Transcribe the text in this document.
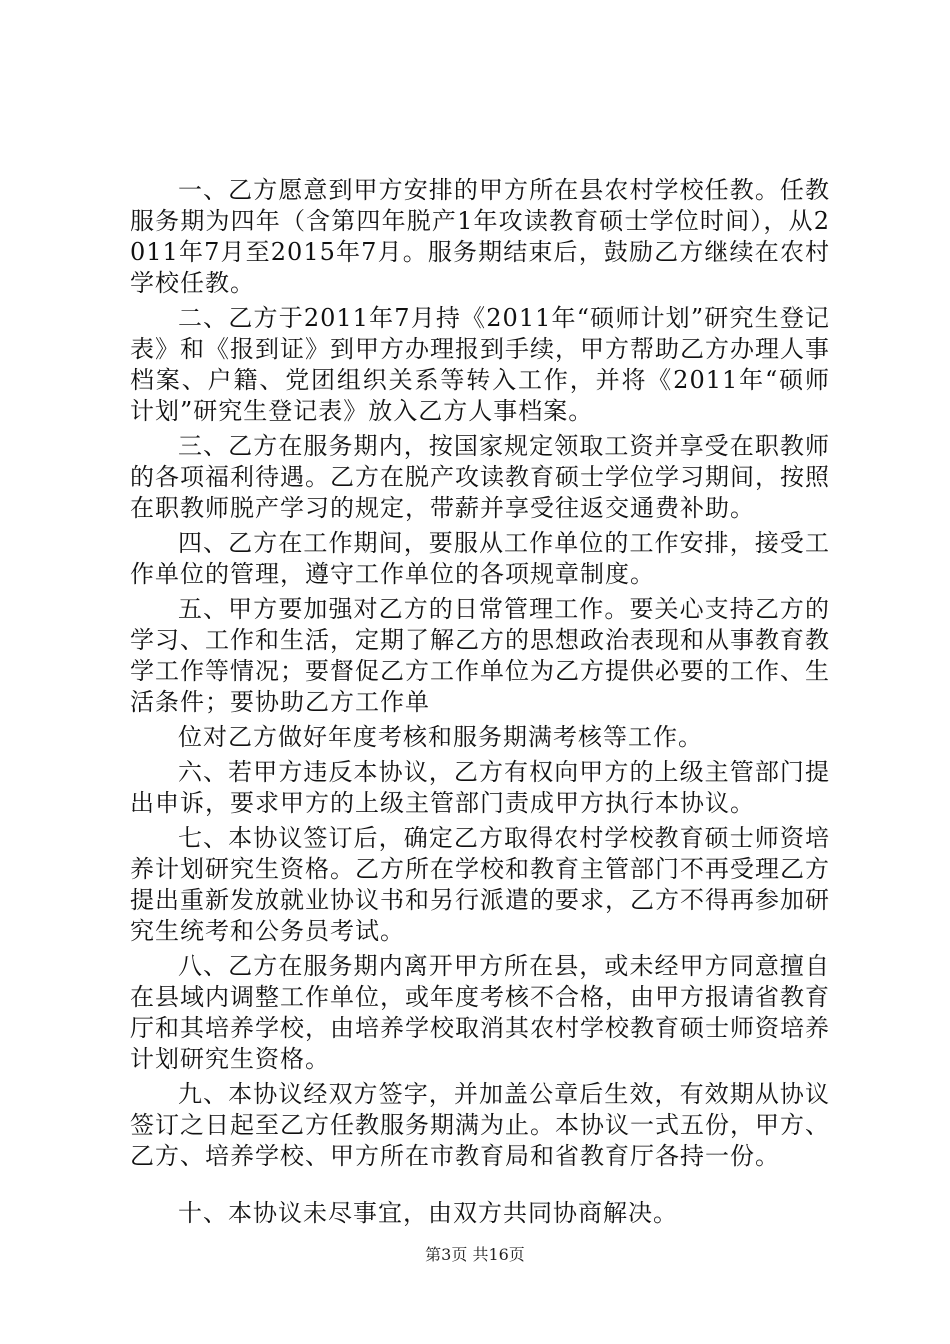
一、乙方愿意到甲方安排的甲方所在县农村学校任教。任教服务期为四年（含第四年脱产1年攻读教育硕士学位时间），从2011年7月至2015年7月。服务期结束后，鼓励乙方继续在农村学校任教。

二、乙方于2011年7月持《2011年“硕师计划”研究生登记表》和《报到证》到甲方办理报到手续，甲方帮助乙方办理人事档案、户籍、党团组织关系等转入工作，并将《2011年“硕师计划”研究生登记表》放入乙方人事档案。

三、乙方在服务期内，按国家规定领取工资并享受在职教师的各项福利待遇。乙方在脱产攻读教育硕士学位学习期间，按照在职教师脱产学习的规定，带薪并享受往返交通费补助。

四、乙方在工作期间，要服从工作单位的工作安排，接受工作单位的管理，遵守工作单位的各项规章制度。

五、甲方要加强对乙方的日常管理工作。要关心支持乙方的学习、工作和生活，定期了解乙方的思想政治表现和从事教育教学工作等情况；要督促乙方工作单位为乙方提供必要的工作、生活条件；要协助乙方工作单

位对乙方做好年度考核和服务期满考核等工作。

六、若甲方违反本协议，乙方有权向甲方的上级主管部门提出申诉，要求甲方的上级主管部门责成甲方执行本协议。

七、本协议签订后，确定乙方取得农村学校教育硕士师资培养计划研究生资格。乙方所在学校和教育主管部门不再受理乙方提出重新发放就业协议书和另行派遣的要求，乙方不得再参加研究生统考和公务员考试。

八、乙方在服务期内离开甲方所在县，或未经甲方同意擅自在县域内调整工作单位，或年度考核不合格，由甲方报请省教育厅和其培养学校，由培养学校取消其农村学校教育硕士师资培养计划研究生资格。

九、本协议经双方签字，并加盖公章后生效，有效期从协议签订之日起至乙方任教服务期满为止。本协议一式五份，甲方、乙方、培养学校、甲方所在市教育局和省教育厅各持一份。

十、本协议未尽事宜，由双方共同协商解决。

第3页 共16页
